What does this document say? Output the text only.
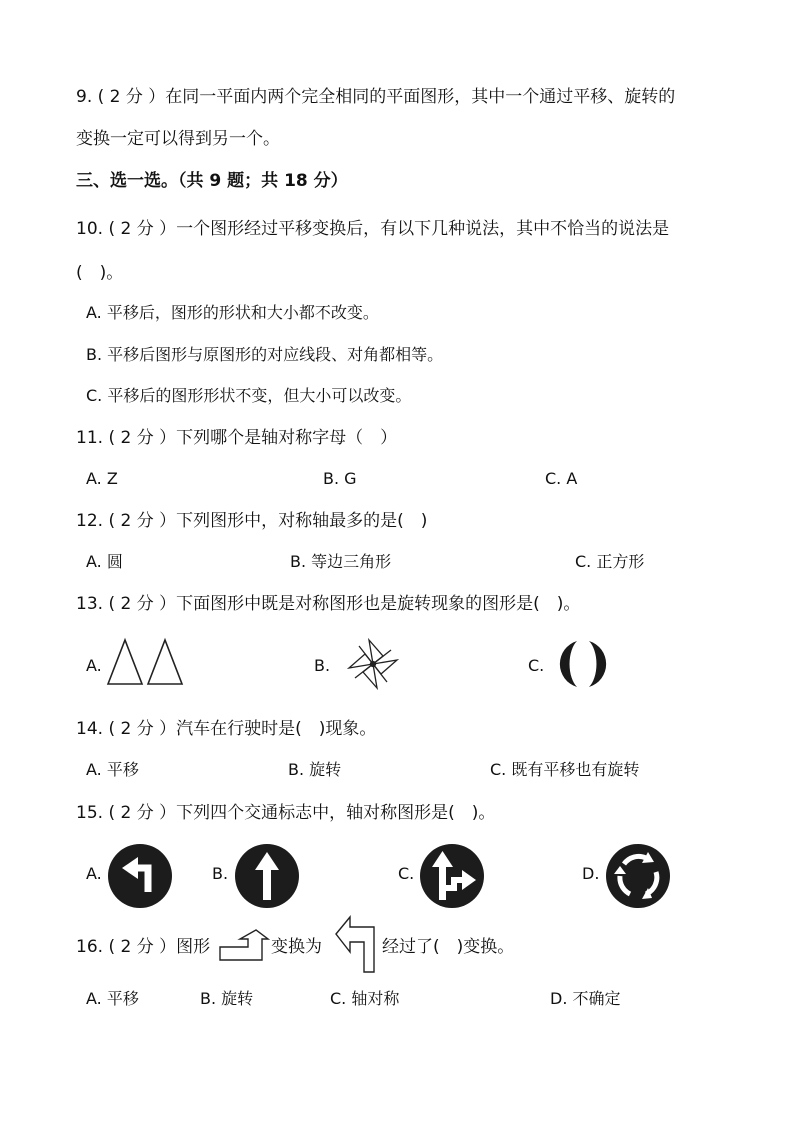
9. ( 2 分 ）在同一平面内两个完全相同的平面图形，其中一个通过平移、旋转的
变换一定可以得到另一个。
三、选一选。（共 9 题；共 18 分）
10. ( 2 分 ）一个图形经过平移变换后，有以下几种说法，其中不恰当的说法是
(　)。
A. 平移后，图形的形状和大小都不改变。
B. 平移后图形与原图形的对应线段、对角都相等。
C. 平移后的图形形状不变，但大小可以改变。
11. ( 2 分 ）下列哪个是轴对称字母（　）
A. Z	B. G	C. A
12. ( 2 分 ）下列图形中，对称轴最多的是(　)
A. 圆	B. 等边三角形	C. 正方形
13. ( 2 分 ）下面图形中既是对称图形也是旋转现象的图形是(　)。
A.	B.	C.
14. ( 2 分 ）汽车在行驶时是(　)现象。
A. 平移	B. 旋转	C. 既有平移也有旋转
15. ( 2 分 ）下列四个交通标志中，轴对称图形是(　)。
A.	B.	C.	D.
16. ( 2 分 ）图形	变换为	经过了(　)变换。
A. 平移	B. 旋转	C. 轴对称	D. 不确定
